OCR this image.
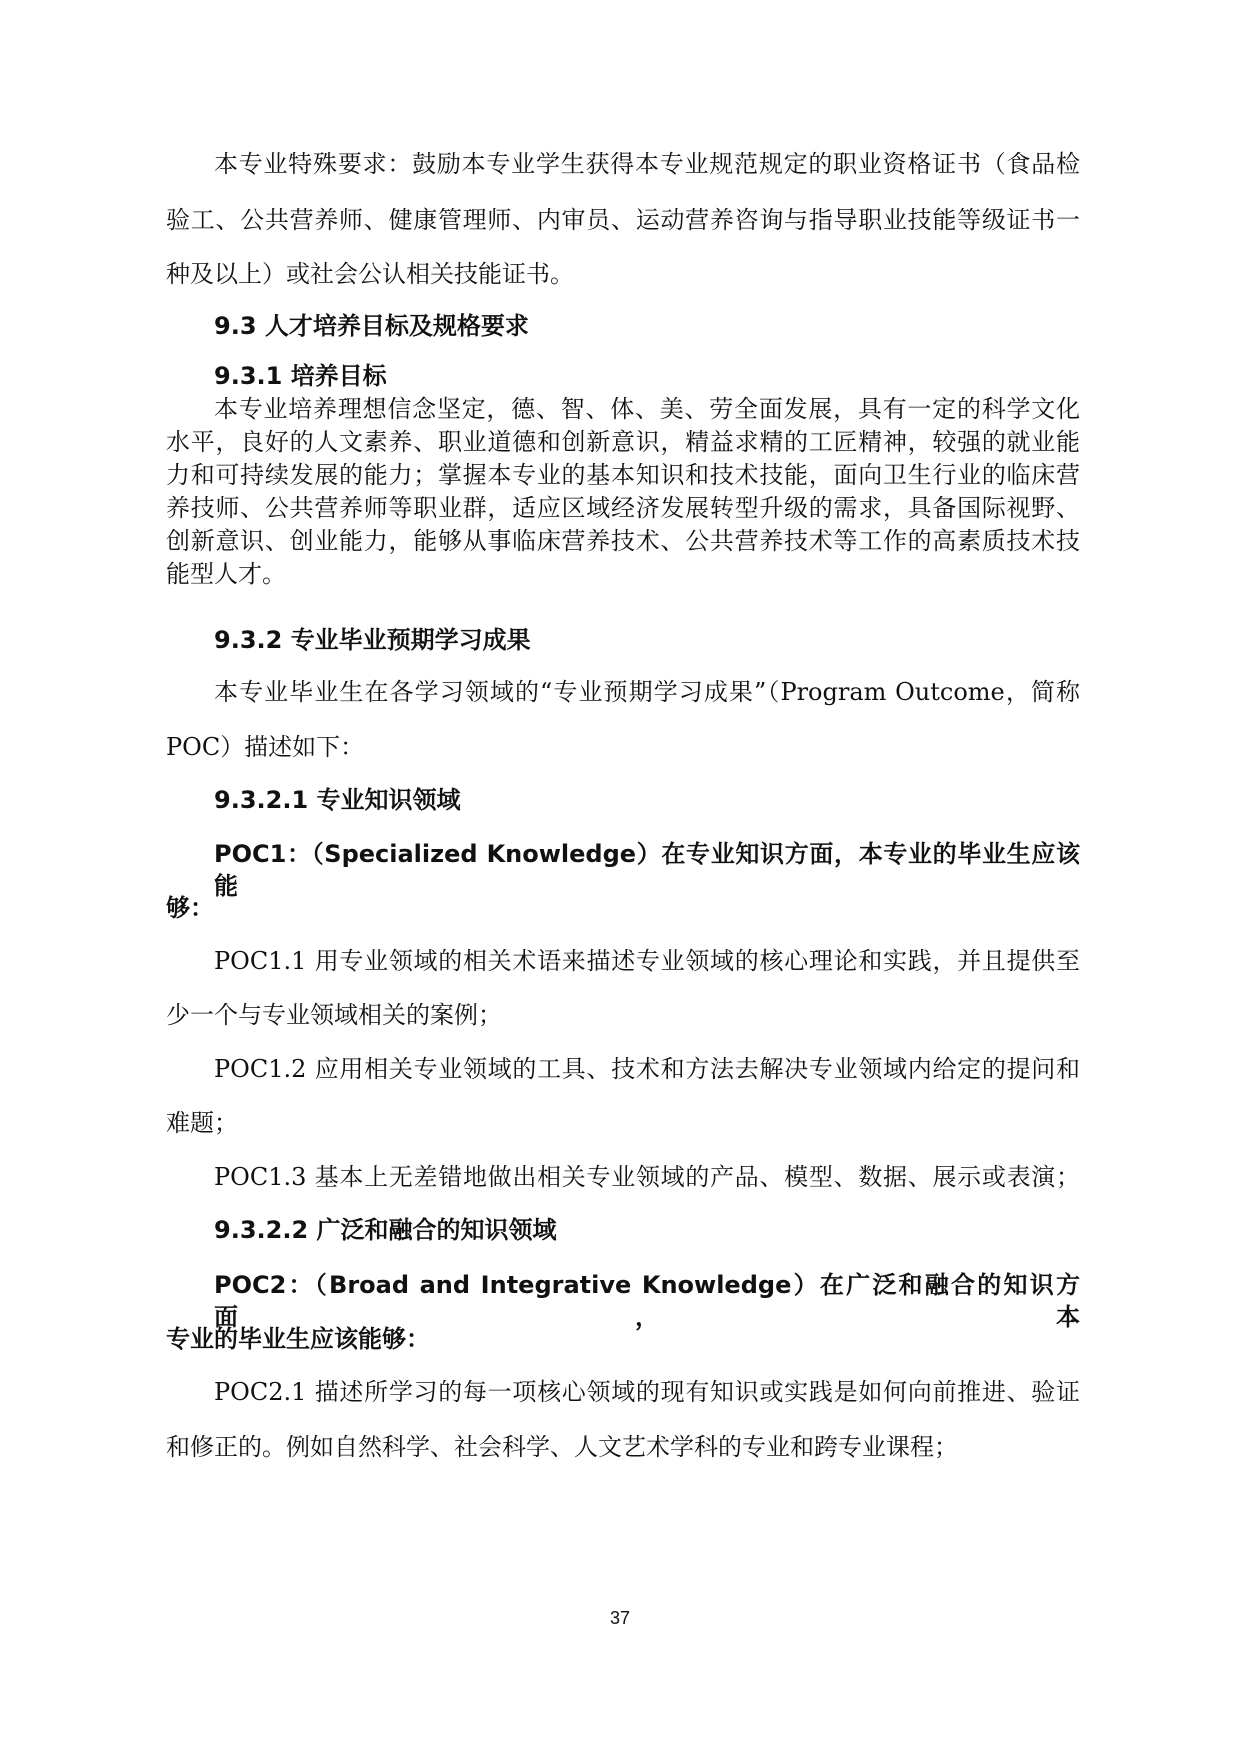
本专业特殊要求：鼓励本专业学生获得本专业规范规定的职业资格证书（食品检
验工、公共营养师、健康管理师、内审员、运动营养咨询与指导职业技能等级证书一
种及以上）或社会公认相关技能证书。
9.3 人才培养目标及规格要求
9.3.1 培养目标
本专业培养理想信念坚定，德、智、体、美、劳全面发展，具有一定的科学文化
水平，良好的人文素养、职业道德和创新意识，精益求精的工匠精神，较强的就业能
力和可持续发展的能力；掌握本专业的基本知识和技术技能，面向卫生行业的临床营
养技师、公共营养师等职业群，适应区域经济发展转型升级的需求，具备国际视野、
创新意识、创业能力，能够从事临床营养技术、公共营养技术等工作的高素质技术技
能型人才。
9.3.2 专业毕业预期学习成果
本专业毕业生在各学习领域的“专业预期学习成果”（Program Outcome，简称
POC）描述如下：
9.3.2.1 专业知识领域
POC1：（Specialized Knowledge）在专业知识方面，本专业的毕业生应该能
够：
POC1.1 用专业领域的相关术语来描述专业领域的核心理论和实践，并且提供至
少一个与专业领域相关的案例；
POC1.2 应用相关专业领域的工具、技术和方法去解决专业领域内给定的提问和
难题；
POC1.3 基本上无差错地做出相关专业领域的产品、模型、数据、展示或表演；
9.3.2.2 广泛和融合的知识领域
POC2：（Broad and Integrative Knowledge）在广泛和融合的知识方面，本
专业的毕业生应该能够：
POC2.1 描述所学习的每一项核心领域的现有知识或实践是如何向前推进、验证
和修正的。例如自然科学、社会科学、人文艺术学科的专业和跨专业课程；
37
